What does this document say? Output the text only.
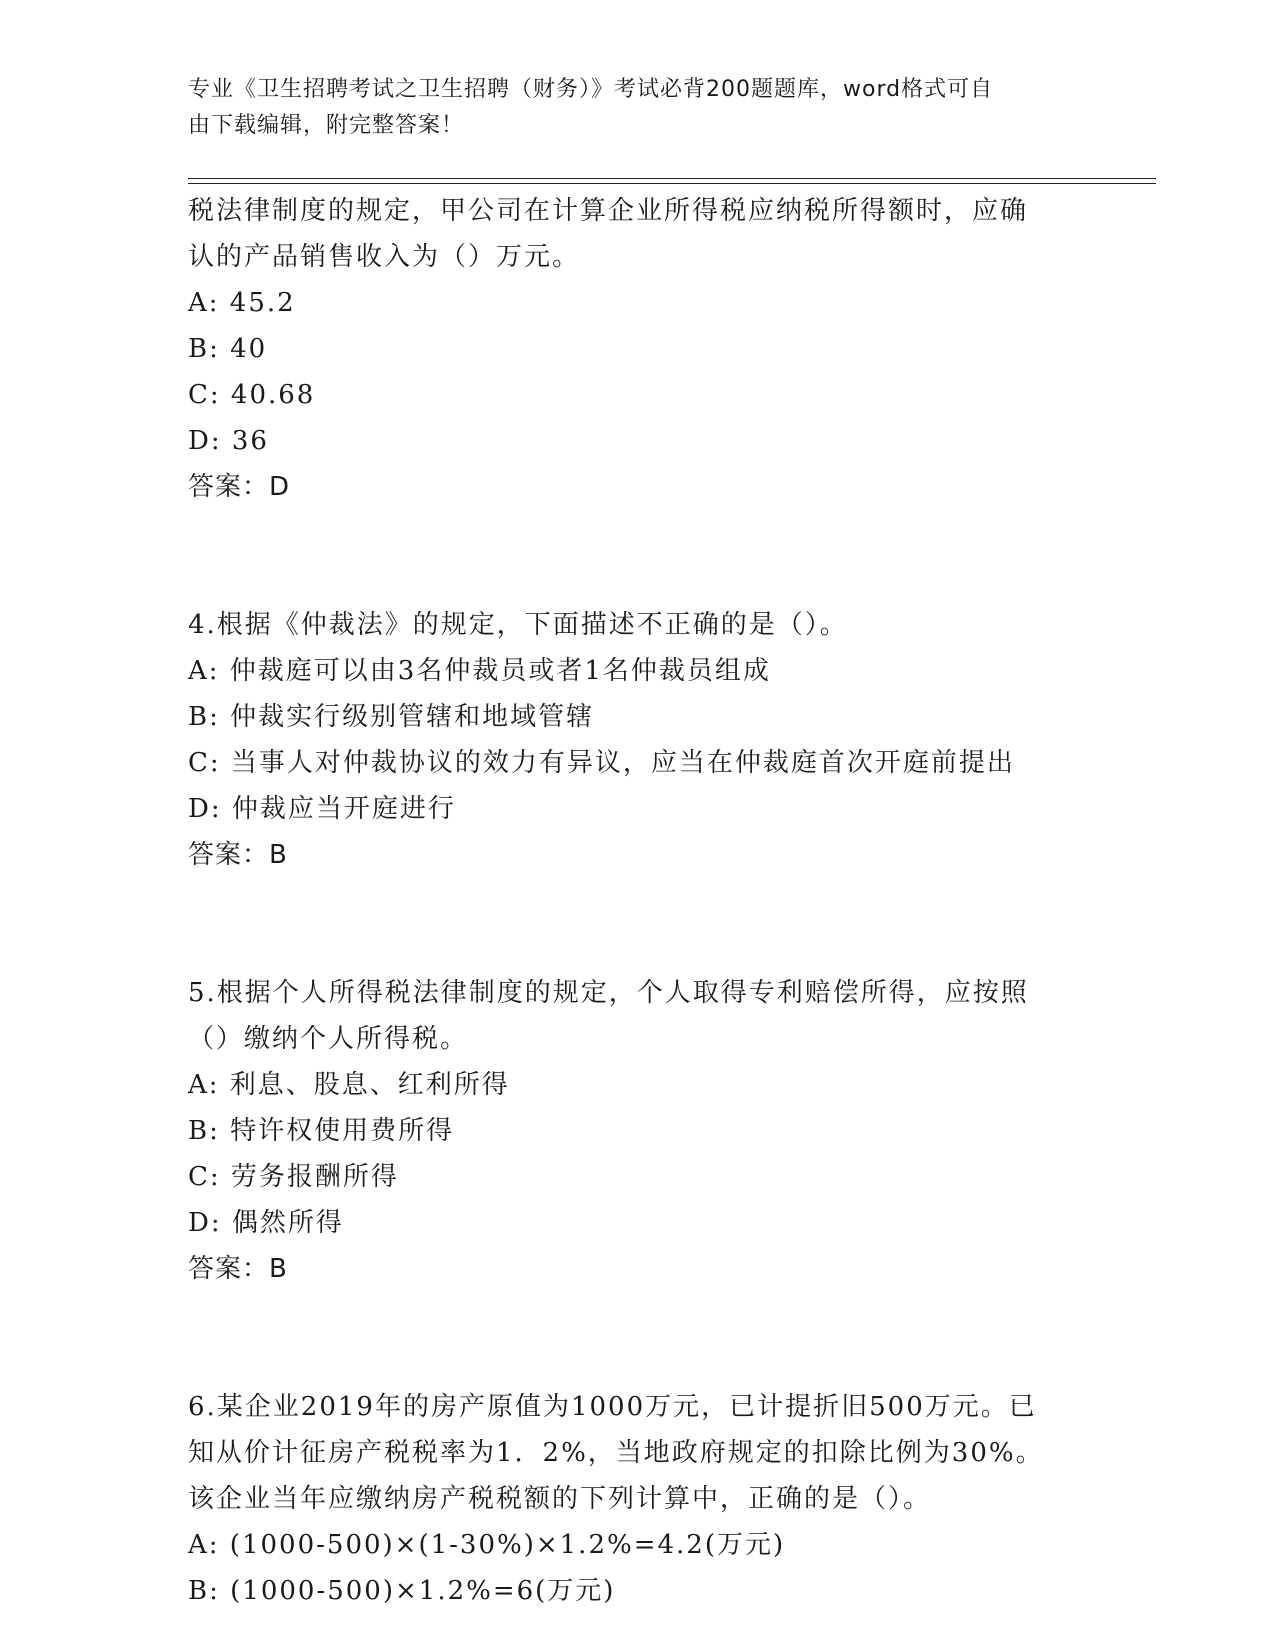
专业《卫生招聘考试之卫生招聘（财务）》考试必背200题题库，word格式可自
由下载编辑，附完整答案！
税法律制度的规定，甲公司在计算企业所得税应纳税所得额时，应确
认的产品销售收入为（）万元。
A: 45.2
B: 40
C: 40.68
D: 36
答案：D
4.根据《仲裁法》的规定，下面描述不正确的是（）。
A: 仲裁庭可以由3名仲裁员或者1名仲裁员组成
B: 仲裁实行级别管辖和地域管辖
C: 当事人对仲裁协议的效力有异议，应当在仲裁庭首次开庭前提出
D: 仲裁应当开庭进行
答案：B
5.根据个人所得税法律制度的规定，个人取得专利赔偿所得，应按照
（）缴纳个人所得税。
A: 利息、股息、红利所得
B: 特许权使用费所得
C: 劳务报酬所得
D: 偶然所得
答案：B
6.某企业2019年的房产原值为1000万元，已计提折旧500万元。已
知从价计征房产税税率为1．2%，当地政府规定的扣除比例为30%。
该企业当年应缴纳房产税税额的下列计算中，正确的是（）。
A: (1000-500)×(1-30%)×1.2%=4.2(万元)
B: (1000-500)×1.2%=6(万元)
